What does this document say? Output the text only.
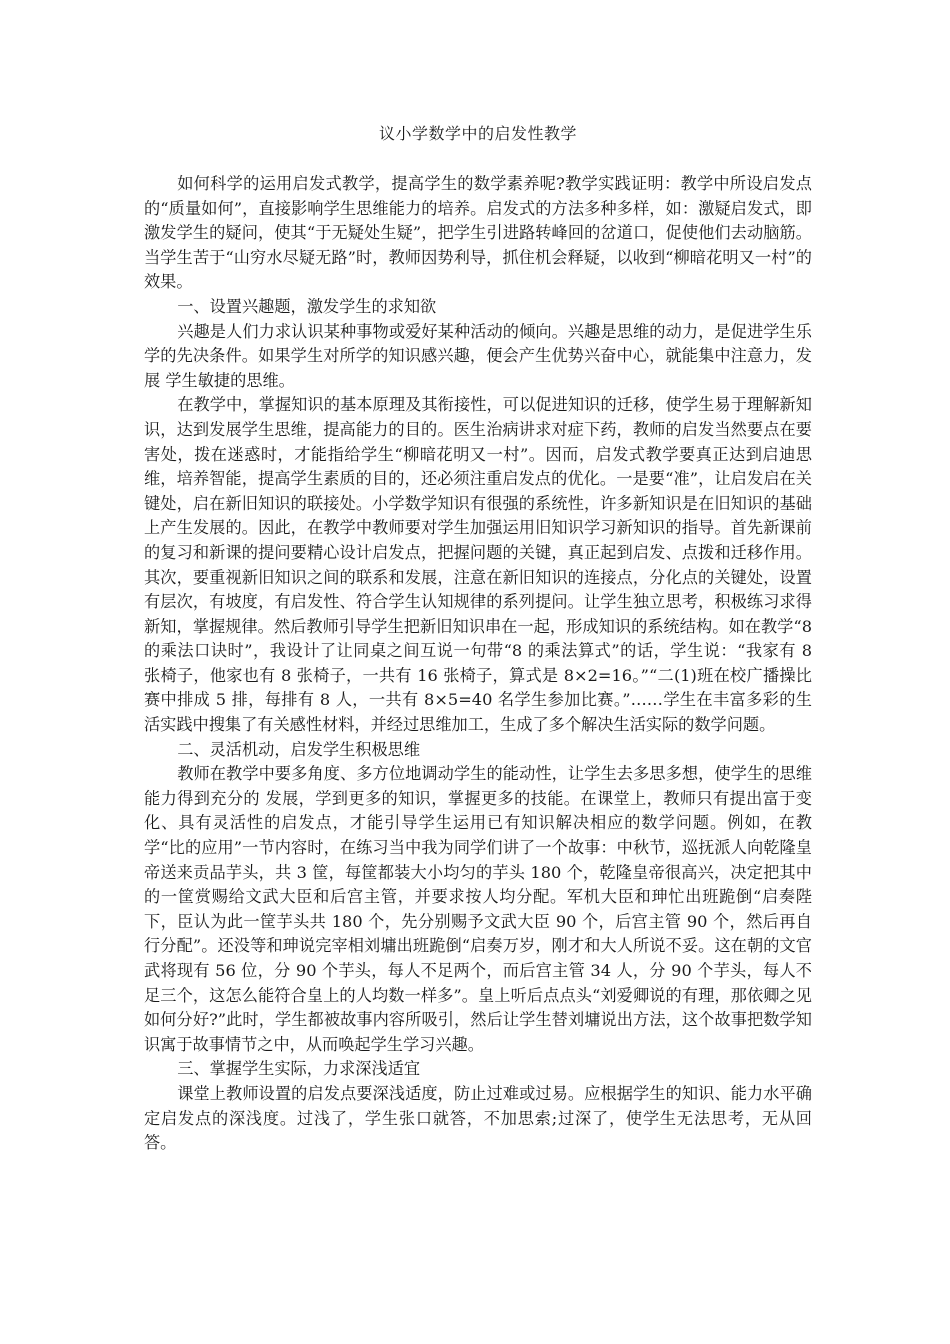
议小学数学中的启发性教学

如何科学的运用启发式教学，提高学生的数学素养呢?教学实践证明：教学中所设启发点的“质量如何”，直接影响学生思维能力的培养。启发式的方法多种多样，如：激疑启发式，即激发学生的疑问，使其“于无疑处生疑”，把学生引进路转峰回的岔道口，促使他们去动脑筋。当学生苦于“山穷水尽疑无路”时，教师因势利导，抓住机会释疑，以收到“柳暗花明又一村”的效果。

一、设置兴趣题，激发学生的求知欲

兴趣是人们力求认识某种事物或爱好某种活动的倾向。兴趣是思维的动力，是促进学生乐学的先决条件。如果学生对所学的知识感兴趣，便会产生优势兴奋中心，就能集中注意力，发展 学生敏捷的思维。

在教学中，掌握知识的基本原理及其衔接性，可以促进知识的迁移，使学生易于理解新知识，达到发展学生思维，提高能力的目的。医生治病讲求对症下药，教师的启发当然要点在要害处，拨在迷惑时，才能指给学生“柳暗花明又一村”。因而，启发式教学要真正达到启迪思维，培养智能，提高学生素质的目的，还必须注重启发点的优化。一是要“准”，让启发启在关键处，启在新旧知识的联接处。小学数学知识有很强的系统性，许多新知识是在旧知识的基础上产生发展的。因此，在教学中教师要对学生加强运用旧知识学习新知识的指导。首先新课前的复习和新课的提问要精心设计启发点，把握问题的关键，真正起到启发、点拨和迁移作用。其次，要重视新旧知识之间的联系和发展，注意在新旧知识的连接点，分化点的关键处，设置有层次，有坡度，有启发性、符合学生认知规律的系列提问。让学生独立思考，积极练习求得新知，掌握规律。然后教师引导学生把新旧知识串在一起，形成知识的系统结构。如在教学“8 的乘法口诀时”，我设计了让同桌之间互说一句带“8 的乘法算式”的话，学生说：“我家有 8 张椅子，他家也有 8 张椅子，一共有 16 张椅子，算式是 8×2=16。”“二(1)班在校广播操比赛中排成 5 排，每排有 8 人，一共有 8×5=40 名学生参加比赛。”……学生在丰富多彩的生活实践中搜集了有关感性材料，并经过思维加工，生成了多个解决生活实际的数学问题。

二、灵活机动，启发学生积极思维

教师在教学中要多角度、多方位地调动学生的能动性，让学生去多思多想，使学生的思维能力得到充分的 发展，学到更多的知识，掌握更多的技能。在课堂上，教师只有提出富于变化、具有灵活性的启发点，才能引导学生运用已有知识解决相应的数学问题。例如，在教学“比的应用”一节内容时，在练习当中我为同学们讲了一个故事：中秋节，巡抚派人向乾隆皇帝送来贡品芋头，共 3 筐，每筐都装大小均匀的芋头 180 个，乾隆皇帝很高兴，决定把其中的一筐赏赐给文武大臣和后宫主管，并要求按人均分配。军机大臣和珅忙出班跪倒“启奏陛下，臣认为此一筐芋头共 180 个，先分别赐予文武大臣 90 个，后宫主管 90 个，然后再自行分配”。还没等和珅说完宰相刘墉出班跪倒“启奏万岁，刚才和大人所说不妥。这在朝的文官武将现有 56 位，分 90 个芋头，每人不足两个，而后宫主管 34 人，分 90 个芋头，每人不足三个，这怎么能符合皇上的人均数一样多”。皇上听后点点头“刘爱卿说的有理，那依卿之见如何分好?”此时，学生都被故事内容所吸引，然后让学生替刘墉说出方法，这个故事把数学知识寓于故事情节之中，从而唤起学生学习兴趣。

三、掌握学生实际，力求深浅适宜

课堂上教师设置的启发点要深浅适度，防止过难或过易。应根据学生的知识、能力水平确定启发点的深浅度。过浅了，学生张口就答，不加思索;过深了，使学生无法思考，无从回答。
